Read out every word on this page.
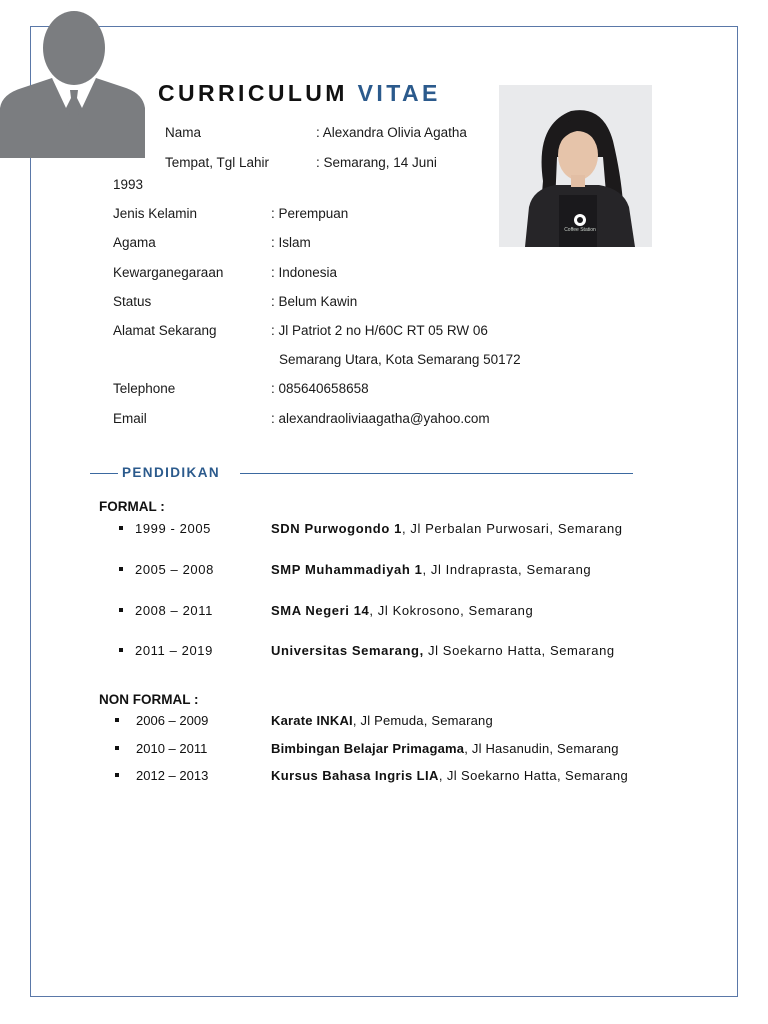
CURRICULUM VITAE
Coffee Station
Nama	: Alexandra Olivia Agatha
Tempat, Tgl Lahir	: Semarang, 14 Juni
1993
Jenis Kelamin	: Perempuan
Agama	: Islam
Kewarganegaraan	: Indonesia
Status	: Belum Kawin
Alamat Sekarang	: Jl Patriot 2 no H/60C RT 05 RW 06
Semarang Utara, Kota Semarang 50172
Telephone	: 085640658658
Email	: alexandraoliviaagatha@yahoo.com
PENDIDIKAN
FORMAL :
1999 - 2005	SDN Purwogondo 1, Jl Perbalan Purwosari, Semarang
2005 – 2008	SMP Muhammadiyah 1, Jl Indraprasta, Semarang
2008 – 2011	SMA Negeri 14, Jl Kokrosono, Semarang
2011 – 2019	Universitas Semarang, Jl Soekarno Hatta, Semarang
NON FORMAL :
2006 – 2009	Karate INKAI, Jl Pemuda, Semarang
2010 – 2011	Bimbingan Belajar Primagama, Jl Hasanudin, Semarang
2012 – 2013	Kursus Bahasa Ingris LIA, Jl Soekarno Hatta, Semarang
